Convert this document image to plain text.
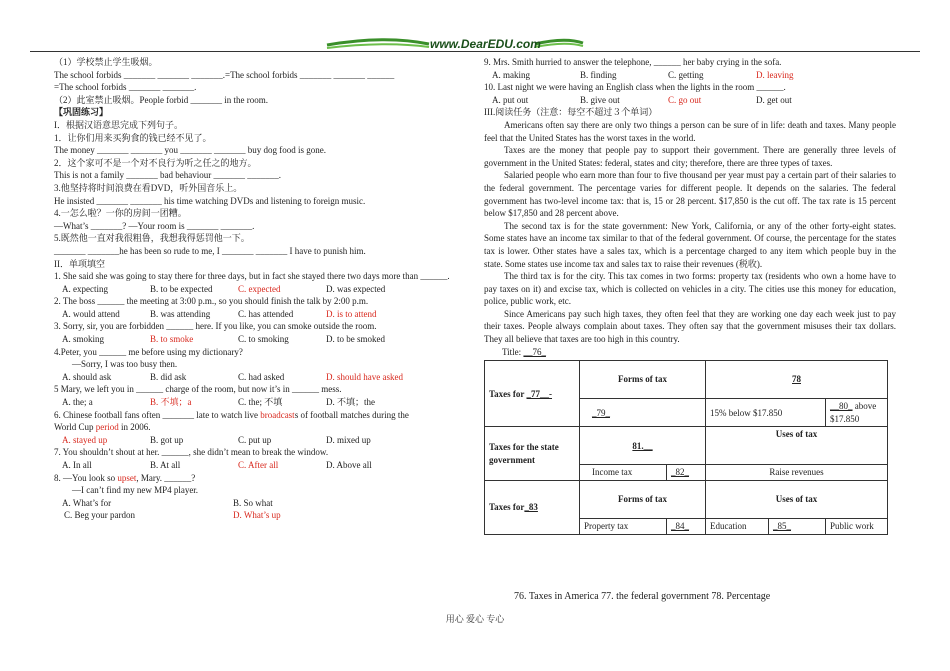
www.DearEDU.com
（1）学校禁止学生吸烟。
The school forbids _______ _______ _______.=The school forbids _______ _______ ______
=The school forbids _______ _______.
（2）此室禁止吸烟。People forbid _______ in the room.
【巩固练习】
I．根据汉语意思完成下列句子。
1．让你们用来买狗食的钱已经不见了。
The money _______ _______ you _______ _______ buy dog food is gone.
2．这个家可不是一个对不良行为听之任之的地方。
This is not a family _______ bad behaviour _______ _______.
3.他坚持将时间浪费在看DVD，听外国音乐上。
He insisted _______ _______ his time watching DVDs and listening to foreign music.
4.一怎么啦？一你的房间一团糟。
—What’s _______? —Your room is _______ _______.
5.既然他一直对我很粗鲁，我想我得惩罚他一下。
_______ _______he has been so rude to me, I _______ _______ I have to punish him.
II．单项填空
1. She said she was going to stay there for three days, but in fact she stayed there two days more than ______.
A. expecting	B. to be expected	C. expected	D. was expected
2. The boss ______ the meeting at 3:00 p.m., so you should finish the talk by 2:00 p.m.
A. would attend	B. was attending	C. has attended	D. is to attend
3. Sorry, sir, you are forbidden ______ here. If you like, you can smoke outside the room.
A. smoking	B. to smoke	C. to smoking	D. to be smoked
4.Peter, you ______ me before using my dictionary?
—Sorry, I was too busy then.
A. should ask	B. did ask	C. had asked	D. should have asked
5 Mary, we left you in ______ charge of the room, but now it’s in ______ mess.
A. the; a	B. 不填；a	C. the; 不填	D. 不填；the
6. Chinese football fans often _______ late to watch live broadcasts of football matches during the
World Cup period in 2006.
A. stayed up	B. got up	C. put up	D. mixed up
7. You shouldn’t shout at her. ______, she didn’t mean to break the window.
A. In all	B. At all	C. After all	D. Above all
8. —You look so upset, Mary. ______?
—I can’t find my new MP4 player.
A. What’s for	B. So what
C. Beg your pardon	D. What’s up
9. Mrs. Smith hurried to answer the telephone, ______ her baby crying in the sofa.
A. making	B. finding	C. getting	D. leaving
10. Last night we were having an English class when the lights in the room ______.
A. put out	B. give out	C. go out	D. get out
III.阅读任务（注意：每空不超过３个单词）
Americans often say there are only two things a person can be sure of in life: death and taxes. Many people feel that the United States has the worst taxes in the world.
Taxes are the money that people pay to support their government. There are generally three levels of government in the United States: federal, states and city; therefore, there are three types of taxes.
Salaried people who earn more than four to five thousand per year must pay a certain part of their salaries to the federal government. The percentage varies for different people. It depends on the salaries. The federal government has two-level income tax: that is, 15 or 28 percent. $17,850 is the cut off. The tax rate is 15 percent below $17,850 and 28 percent above.
The second tax is for the state government: New York, California, or any of the other forty-eight states. Some states have an income tax similar to that of the federal government. Of course, the percentage for the states tax is lower. Other states have a sales tax, which is a percentage charged to any item which people buy in the state. Some states use income tax and sales tax to raise their revenues (税收).
The third tax is for the city. This tax comes in two forms: property tax (residents who own a home have to pay taxes on it) and excise tax, which is collected on vehicles in a city. The cities use this money for education, police, public work, etc.
Since Americans pay such high taxes, they often feel that they are working one day each week just to pay their taxes. People always complain about taxes. They often say that the government misuses their tax dollars. They all believe that taxes are too high in this country.
Title: __76_
Taxes for _77__-	Forms of tax		78		
	_79_		15% below $17.850		__80_ above $17.850
Taxes for the state government	81.__		Uses of tax		
	Income tax	_82_	Raise revenues		
Taxes for_83	Forms of tax		Uses of tax		
	Property tax	_84_	Education	_85_	Public work
76. Taxes in America 77. the federal government 78. Percentage
用心 爱心 专心
